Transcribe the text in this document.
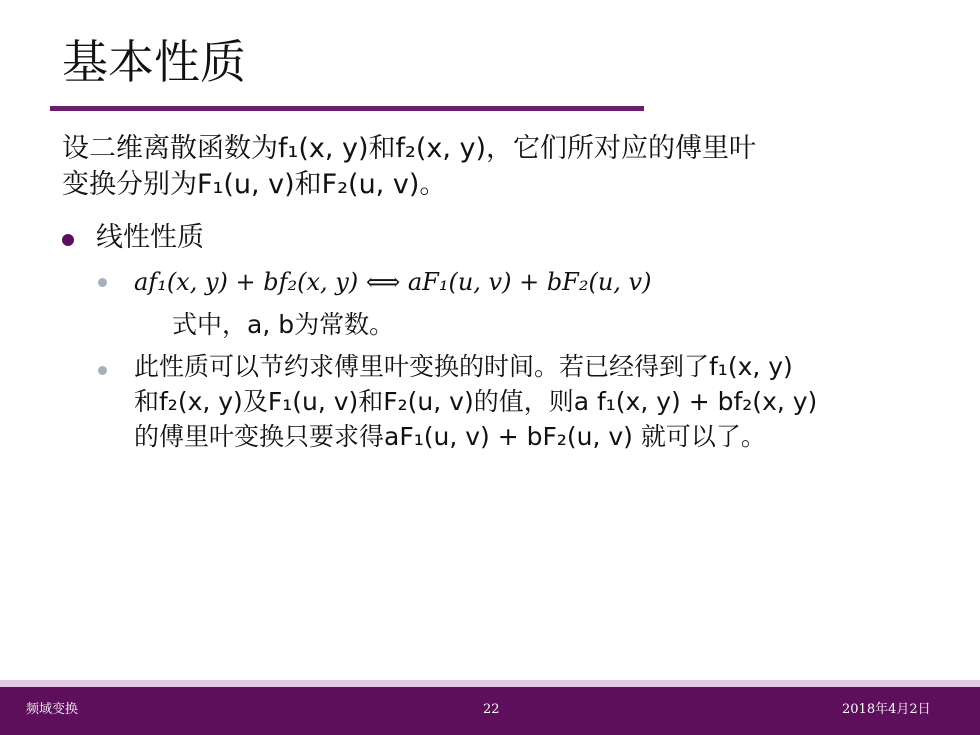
基本性质
设二维离散函数为f₁(x, y)和f₂(x, y)，它们所对应的傅里叶
变换分别为F₁(u, v)和F₂(u, v)。
线性性质
af₁(x, y) + bf₂(x, y) ⟺ aF₁(u, v) + bF₂(u, v)
式中，a, b为常数。
此性质可以节约求傅里叶变换的时间。若已经得到了f₁(x, y)
和f₂(x, y)及F₁(u, v)和F₂(u, v)的值，则a f₁(x, y) + bf₂(x, y)
的傅里叶变换只要求得aF₁(u, v) + bF₂(u, v) 就可以了。
频域变换	22	2018年4月2日
